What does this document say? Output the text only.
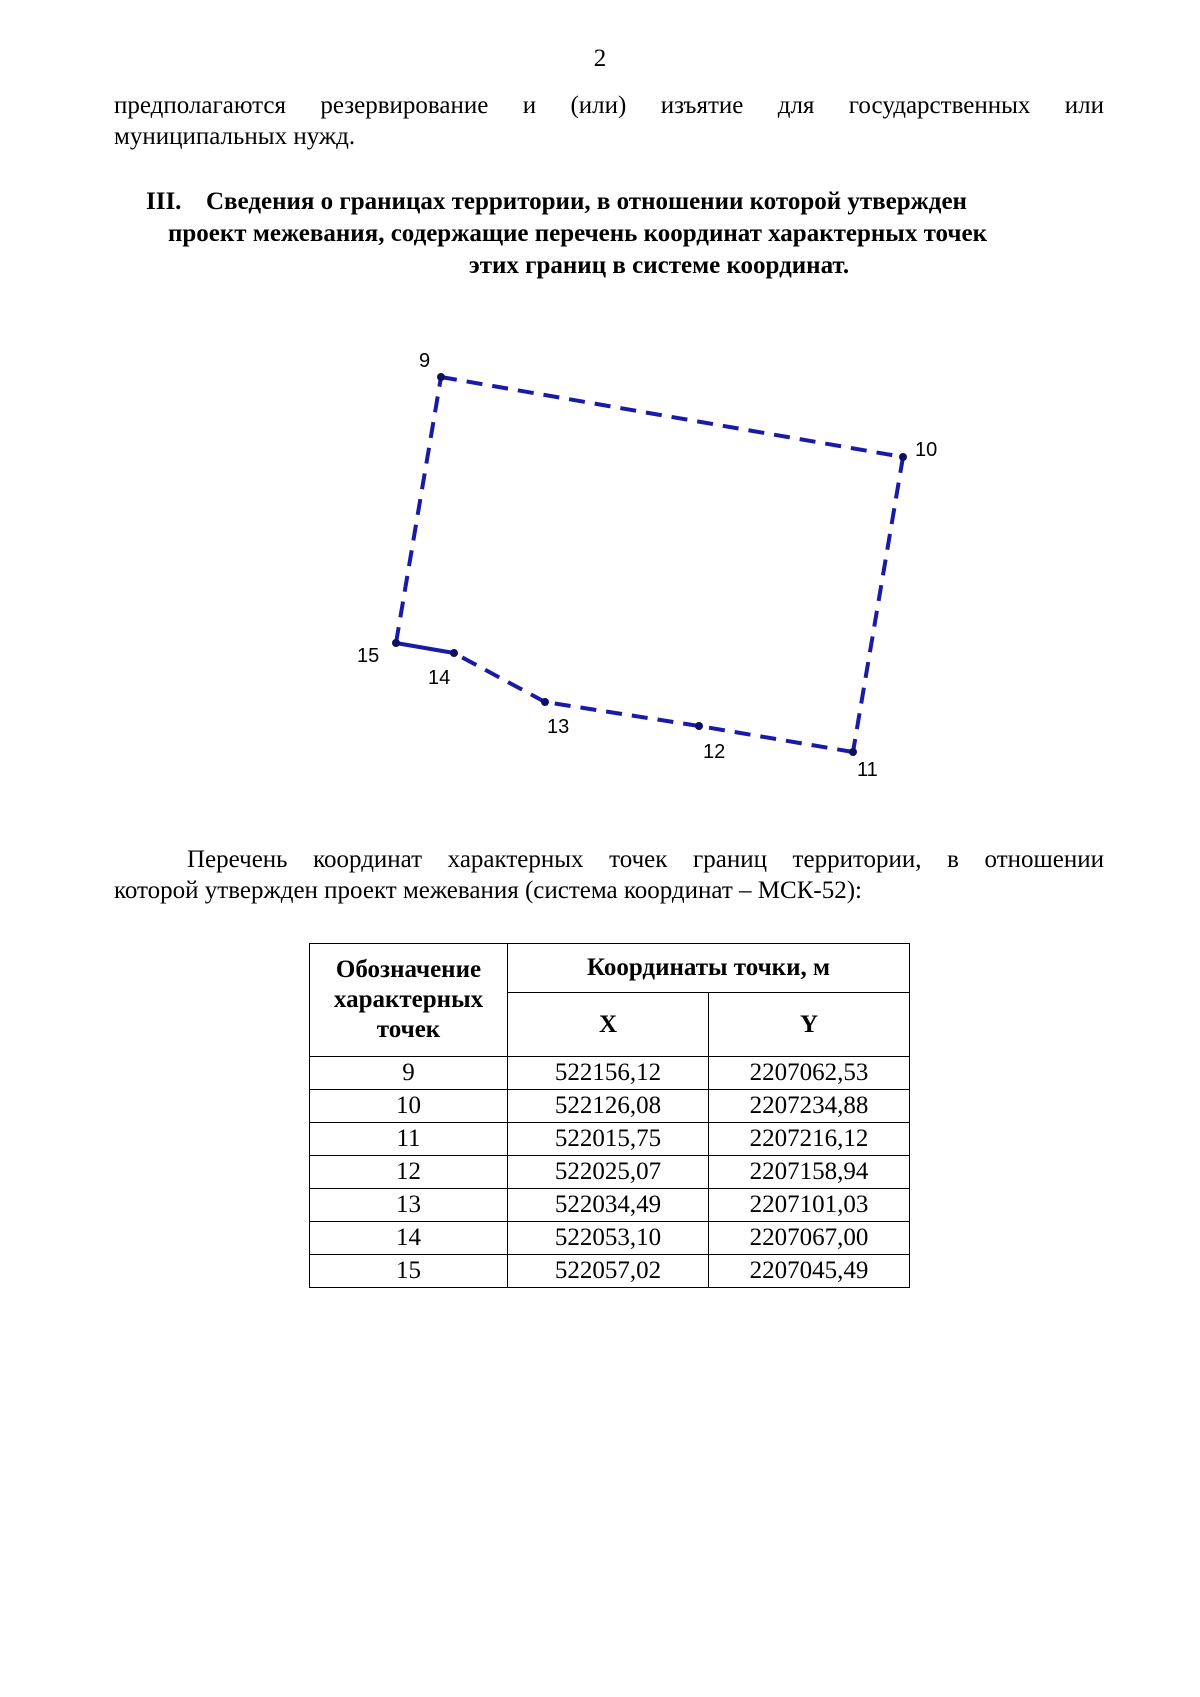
2
предполагаются резервирование и (или) изъятие для государственных или
муниципальных нужд.
III. Сведения о границах территории, в отношении которой утвержден
проект межевания, содержащие перечень координат характерных точек
этих границ в системе координат.
9
10
11
12
13
14
15
Перечень координат характерных точек границ территории, в отношении
которой утвержден проект межевания (система координат – МСК-52):
Обозначение
характерных
точек	Координаты точки, м	
	X	Y
9	522156,12	2207062,53
10	522126,08	2207234,88
11	522015,75	2207216,12
12	522025,07	2207158,94
13	522034,49	2207101,03
14	522053,10	2207067,00
15	522057,02	2207045,49
